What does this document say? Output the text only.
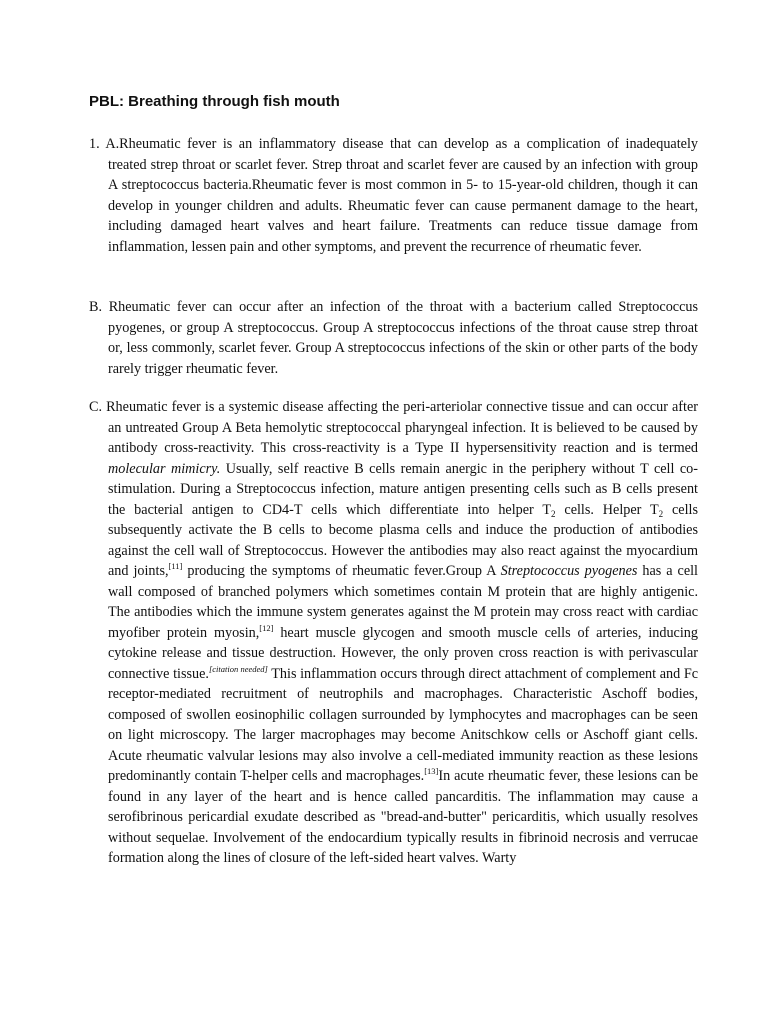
PBL: Breathing through fish mouth

1. A.Rheumatic fever is an inflammatory disease that can develop as a complication of inadequately treated strep throat or scarlet fever. Strep throat and scarlet fever are caused by an infection with group A streptococcus bacteria.Rheumatic fever is most common in 5- to 15-year-old children, though it can develop in younger children and adults. Rheumatic fever can cause permanent damage to the heart, including damaged heart valves and heart failure. Treatments can reduce tissue damage from inflammation, lessen pain and other symptoms, and prevent the recurrence of rheumatic fever.

B. Rheumatic fever can occur after an infection of the throat with a bacterium called Streptococcus pyogenes, or group A streptococcus. Group A streptococcus infections of the throat cause strep throat or, less commonly, scarlet fever. Group A streptococcus infections of the skin or other parts of the body rarely trigger rheumatic fever.

C. Rheumatic fever is a systemic disease affecting the peri-arteriolar connective tissue and can occur after an untreated Group A Beta hemolytic streptococcal pharyngeal infection. It is believed to be caused by antibody cross-reactivity. This cross-reactivity is a Type II hypersensitivity reaction and is termed molecular mimicry. Usually, self reactive B cells remain anergic in the periphery without T cell co-stimulation. During a Streptococcus infection, mature antigen presenting cells such as B cells present the bacterial antigen to CD4-T cells which differentiate into helper $T_2$ cells. Helper $T_2$ cells subsequently activate the B cells to become plasma cells and induce the production of antibodies against the cell wall of Streptococcus. However the antibodies may also react against the myocardium and joints,[11] producing the symptoms of rheumatic fever.Group A Streptococcus pyogenes has a cell wall composed of branched polymers which sometimes contain M protein that are highly antigenic. The antibodies which the immune system generates against the M protein may cross react with cardiac myofiber protein myosin,[12] heart muscle glycogen and smooth muscle cells of arteries, inducing cytokine release and tissue destruction. However, the only proven cross reaction is with perivascular connective tissue.[citation needed] This inflammation occurs through direct attachment of complement and Fc receptor-mediated recruitment of neutrophils and macrophages. Characteristic Aschoff bodies, composed of swollen eosinophilic collagen surrounded by lymphocytes and macrophages can be seen on light microscopy. The larger macrophages may become Anitschkow cells or Aschoff giant cells. Acute rheumatic valvular lesions may also involve a cell-mediated immunity reaction as these lesions predominantly contain T-helper cells and macrophages.[13]In acute rheumatic fever, these lesions can be found in any layer of the heart and is hence called pancarditis. The inflammation may cause a serofibrinous pericardial exudate described as "bread-and-butter" pericarditis, which usually resolves without sequelae. Involvement of the endocardium typically results in fibrinoid necrosis and verrucae formation along the lines of closure of the left-sided heart valves. Warty
